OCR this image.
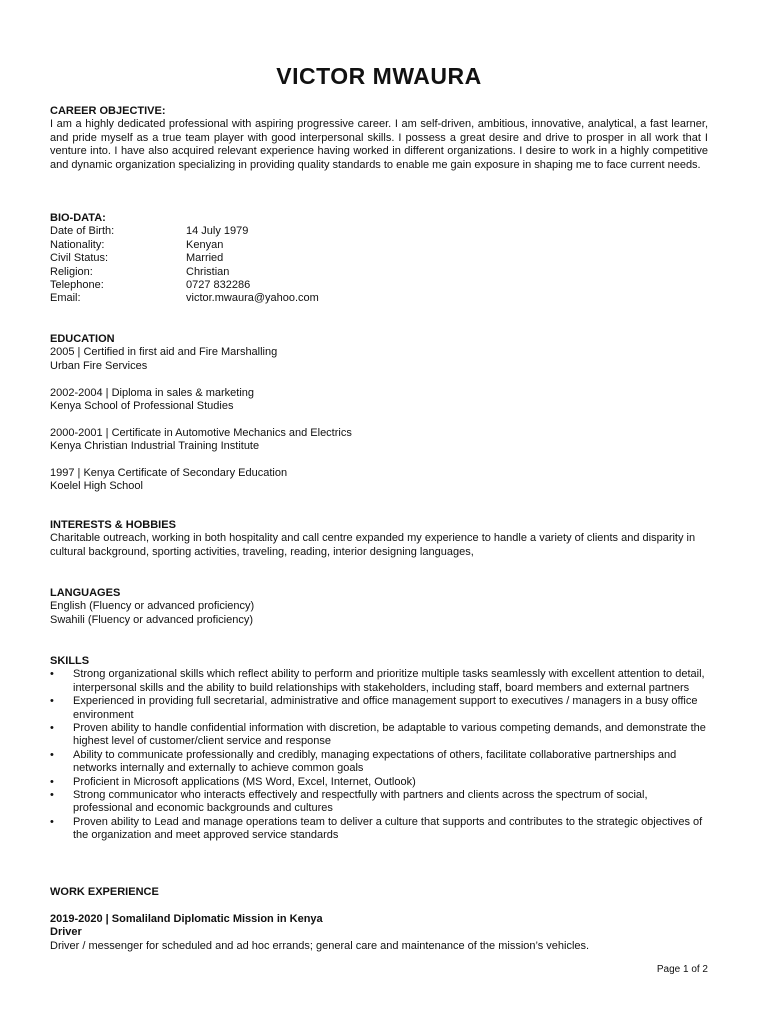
VICTOR MWAURA
CAREER OBJECTIVE:
I am a highly dedicated professional with aspiring progressive career. I am self-driven, ambitious, innovative, analytical, a fast learner, and pride myself as a true team player with good interpersonal skills. I possess a great desire and drive to prosper in all work that I venture into. I have also acquired relevant experience having worked in different organizations. I desire to work in a highly competitive and dynamic organization specializing in providing quality standards to enable me gain exposure in shaping me to face current needs.
BIO-DATA:
Date of Birth:	14 July 1979
Nationality:	Kenyan
Civil Status:	Married
Religion:	Christian
Telephone:	0727 832286
Email:	victor.mwaura@yahoo.com
EDUCATION
2005 | Certified in first aid and Fire Marshalling
Urban Fire Services
2002-2004 | Diploma in sales & marketing
Kenya School of Professional Studies
2000-2001 | Certificate in Automotive Mechanics and Electrics
Kenya Christian Industrial Training Institute
1997 | Kenya Certificate of Secondary Education
Koelel High School
INTERESTS & HOBBIES
Charitable outreach, working in both hospitality and call centre expanded my experience to handle a variety of clients and disparity in cultural background, sporting activities, traveling, reading, interior designing languages,
LANGUAGES
English (Fluency or advanced proficiency)
Swahili (Fluency or advanced proficiency)
SKILLS
• Strong organizational skills which reflect ability to perform and prioritize multiple tasks seamlessly with excellent attention to detail, interpersonal skills and the ability to build relationships with stakeholders, including staff, board members and external partners
• Experienced in providing full secretarial, administrative and office management support to executives / managers in a busy office environment
• Proven ability to handle confidential information with discretion, be adaptable to various competing demands, and demonstrate the highest level of customer/client service and response
• Ability to communicate professionally and credibly, managing expectations of others, facilitate collaborative partnerships and networks internally and externally to achieve common goals
• Proficient in Microsoft applications (MS Word, Excel, Internet, Outlook)
• Strong communicator who interacts effectively and respectfully with partners and clients across the spectrum of social, professional and economic backgrounds and cultures
• Proven ability to Lead and manage operations team to deliver a culture that supports and contributes to the strategic objectives of the organization and meet approved service standards
WORK EXPERIENCE
2019-2020 | Somaliland Diplomatic Mission in Kenya
Driver
Driver / messenger for scheduled and ad hoc errands; general care and maintenance of the mission’s vehicles.
Page 1 of 2
